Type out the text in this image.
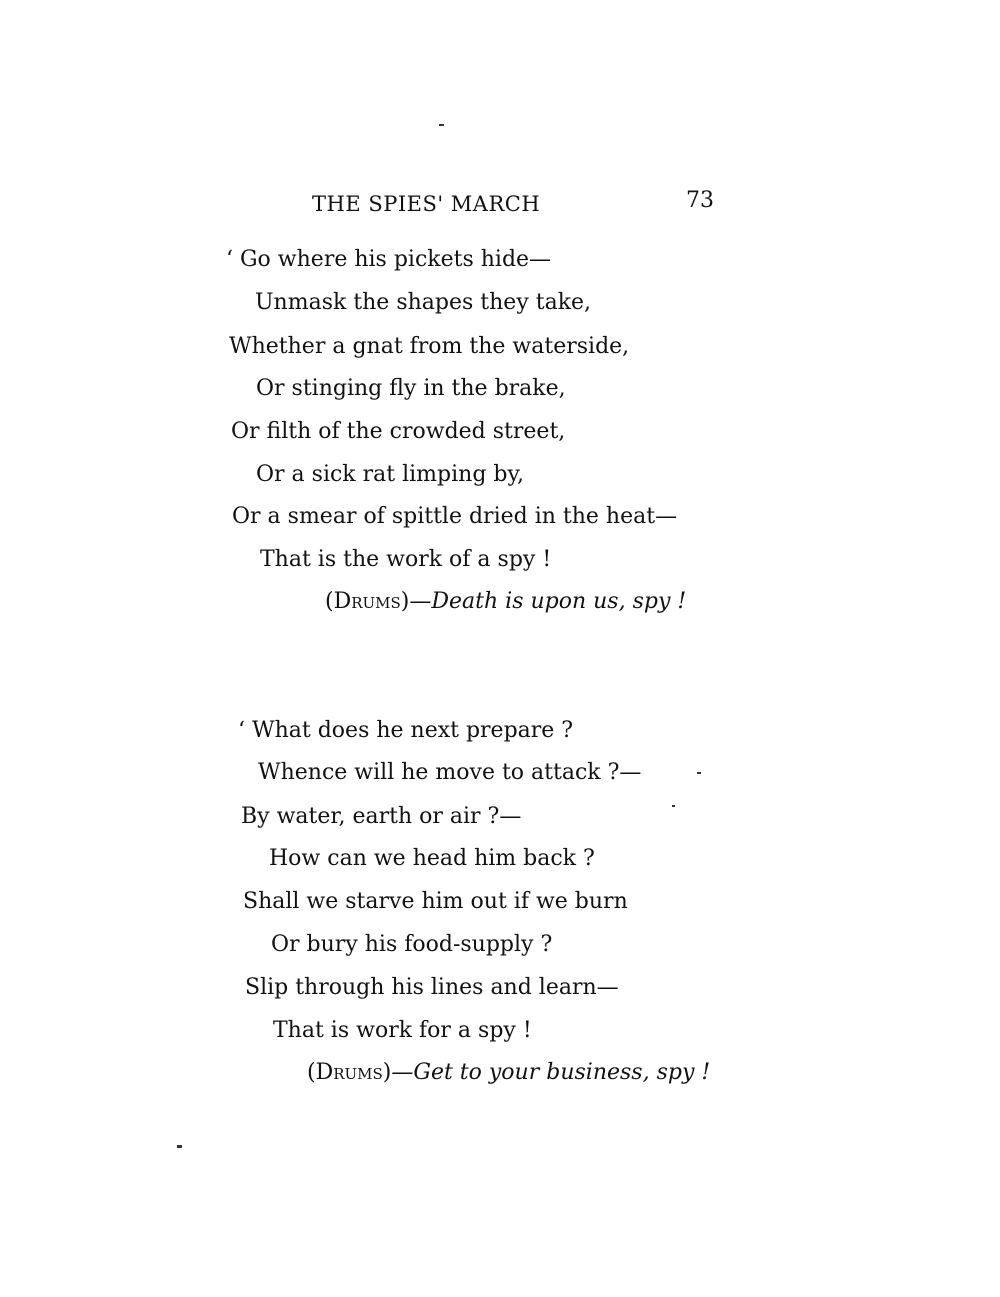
THE SPIES' MARCH	73
‘ Go where his pickets hide—
Unmask the shapes they take,
Whether a gnat from the waterside,
Or stinging fly in the brake,
Or filth of the crowded street,
Or a sick rat limping by,
Or a smear of spittle dried in the heat—
That is the work of a spy !
(Drums)—Death is upon us, spy !
‘ What does he next prepare ?
Whence will he move to attack ?—
By water, earth or air ?—
How can we head him back ?
Shall we starve him out if we burn
Or bury his food-supply ?
Slip through his lines and learn—
That is work for a spy !
(Drums)—Get to your business, spy !
